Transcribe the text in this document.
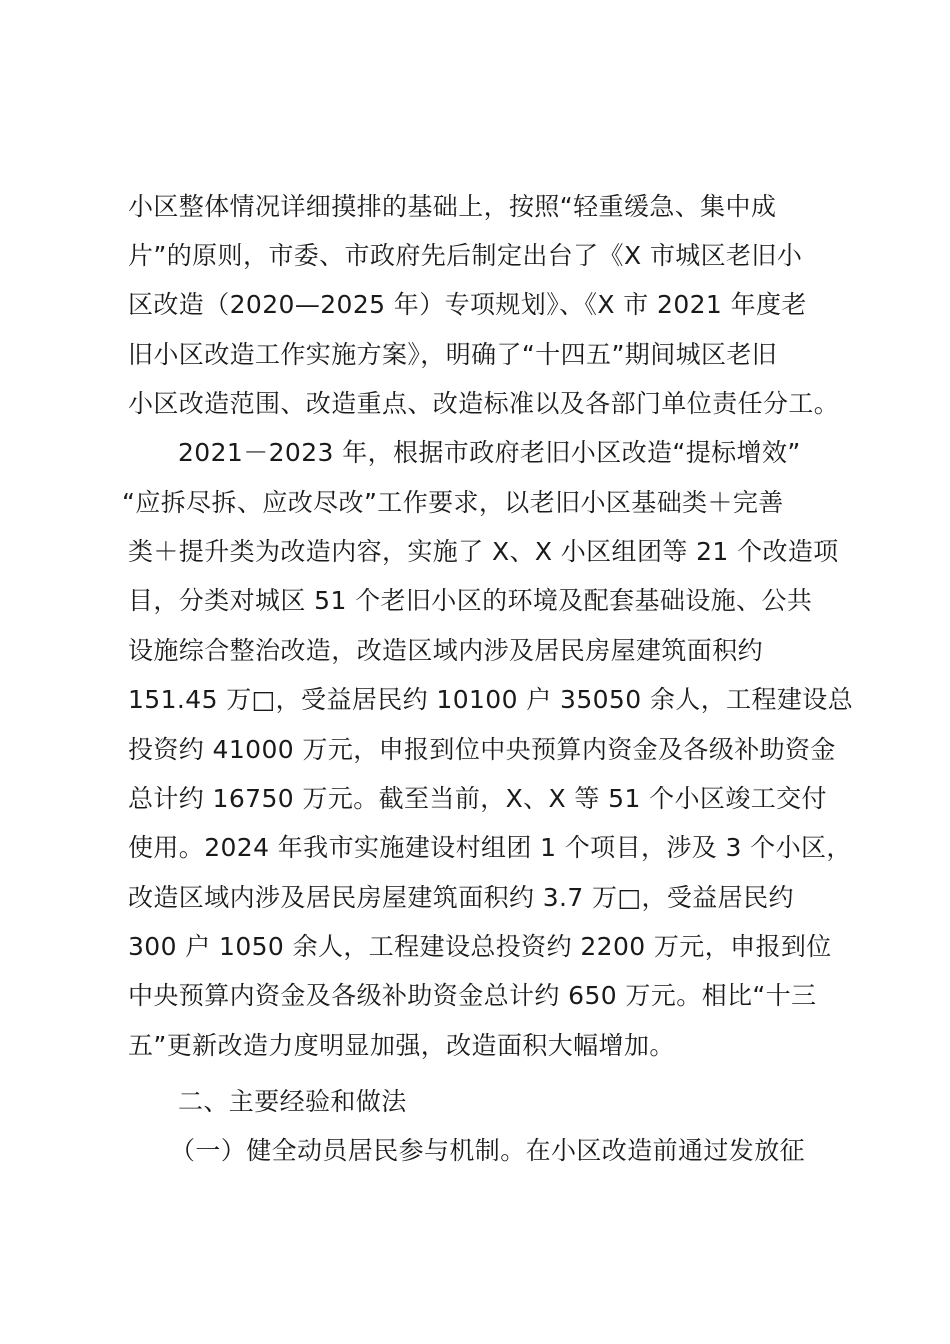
小区整体情况详细摸排的基础上，按照“轻重缓急、集中成
片”的原则，市委、市政府先后制定出台了《X 市城区老旧小
区改造（2020—2025 年）专项规划》、《X 市 2021 年度老
旧小区改造工作实施方案》，明确了“十四五”期间城区老旧
小区改造范围、改造重点、改造标准以及各部门单位责任分工。
2021－2023 年，根据市政府老旧小区改造“提标增效”
“应拆尽拆、应改尽改”工作要求，以老旧小区基础类＋完善
类＋提升类为改造内容，实施了 X、X 小区组团等 21 个改造项
目，分类对城区 51 个老旧小区的环境及配套基础设施、公共
设施综合整治改造，改造区域内涉及居民房屋建筑面积约
151.45 万□，受益居民约 10100 户 35050 余人，工程建设总
投资约 41000 万元，申报到位中央预算内资金及各级补助资金
总计约 16750 万元。截至当前，X、X 等 51 个小区竣工交付
使用。2024 年我市实施建设村组团 1 个项目，涉及 3 个小区，
改造区域内涉及居民房屋建筑面积约 3.7 万□，受益居民约
300 户 1050 余人，工程建设总投资约 2200 万元，申报到位
中央预算内资金及各级补助资金总计约 650 万元。相比“十三
五”更新改造力度明显加强，改造面积大幅增加。
二、主要经验和做法
（一）健全动员居民参与机制。在小区改造前通过发放征
